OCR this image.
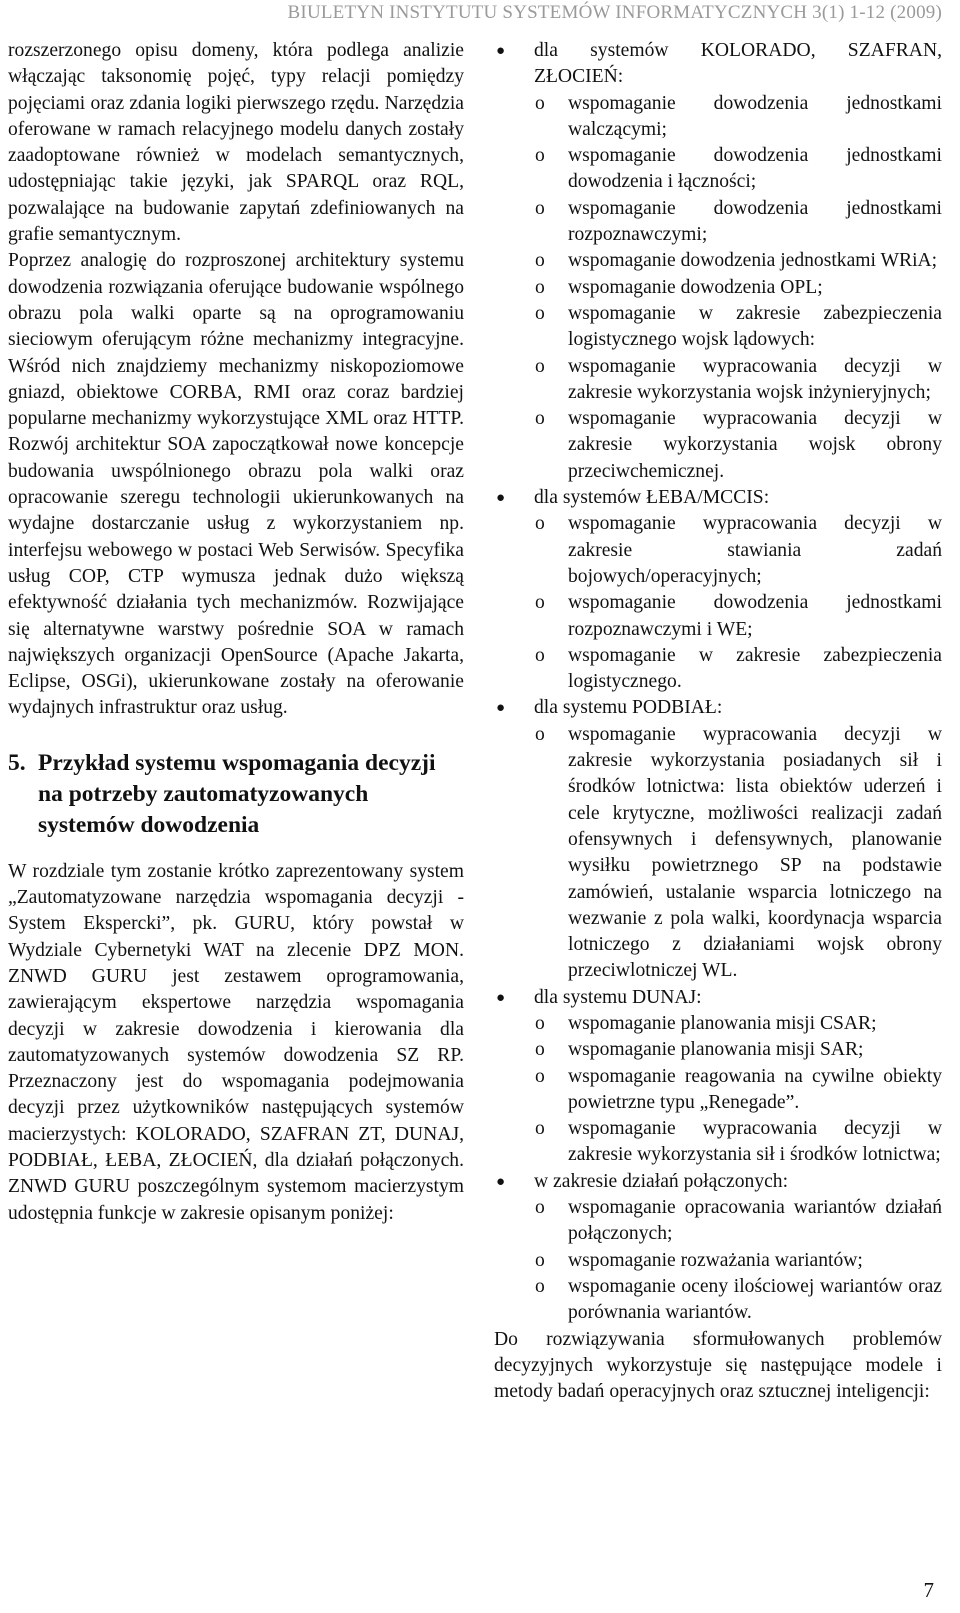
BIULETYN INSTYTUTU SYSTEMÓW INFORMATYCZNYCH 3(1) 1-12 (2009)

rozszerzonego opisu domeny, która podlega analizie włączając taksonomię pojęć, typy relacji pomiędzy pojęciami oraz zdania logiki pierwszego rzędu. Narzędzia oferowane w ramach relacyjnego modelu danych zostały zaadoptowane również w modelach semantycznych, udostępniając takie języki, jak SPARQL oraz RQL, pozwalające na budowanie zapytań zdefiniowanych na grafie semantycznym.

Poprzez analogię do rozproszonej architektury systemu dowodzenia rozwiązania oferujące budowanie wspólnego obrazu pola walki oparte są na oprogramowaniu sieciowym oferującym różne mechanizmy integracyjne. Wśród nich znajdziemy mechanizmy niskopoziomowe gniazd, obiektowe CORBA, RMI oraz coraz bardziej popularne mechanizmy wykorzystujące XML oraz HTTP. Rozwój architektur SOA zapoczątkował nowe koncepcje budowania uwspólnionego obrazu pola walki oraz opracowanie szeregu technologii ukierunkowanych na wydajne dostarczanie usług z wykorzystaniem np. interfejsu webowego w postaci Web Serwisów. Specyfika usług COP, CTP wymusza jednak dużo większą efektywność działania tych mechanizmów. Rozwijające się alternatywne warstwy pośrednie SOA w ramach największych organizacji OpenSource (Apache Jakarta, Eclipse, OSGi), ukierunkowane zostały na oferowanie wydajnych infrastruktur oraz usług.

5. Przykład systemu wspomagania decyzji na potrzeby zautomatyzowanych systemów dowodzenia

W rozdziale tym zostanie krótko zaprezentowany system „Zautomatyzowane narzędzia wspomagania decyzji - System Ekspercki”, pk. GURU, który powstał w Wydziale Cybernetyki WAT na zlecenie DPZ MON. ZNWD GURU jest zestawem oprogramowania, zawierającym ekspertowe narzędzia wspomagania decyzji w zakresie dowodzenia i kierowania dla zautomatyzowanych systemów dowodzenia SZ RP. Przeznaczony jest do wspomagania podejmowania decyzji przez użytkowników następujących systemów macierzystych: KOLORADO, SZAFRAN ZT, DUNAJ, PODBIAŁ, ŁEBA, ZŁOCIEŃ, dla działań połączonych. ZNWD GURU poszczególnym systemom macierzystym udostępnia funkcje w zakresie opisanym poniżej:

● dla systemów KOLORADO, SZAFRAN, ZŁOCIEŃ:
o wspomaganie dowodzenia jednostkami walczącymi;
o wspomaganie dowodzenia jednostkami dowodzenia i łączności;
o wspomaganie dowodzenia jednostkami rozpoznawczymi;
o wspomaganie dowodzenia jednostkami WRiA;
o wspomaganie dowodzenia OPL;
o wspomaganie w zakresie zabezpieczenia logistycznego wojsk lądowych:
o wspomaganie wypracowania decyzji w zakresie wykorzystania wojsk inżynieryjnych;
o wspomaganie wypracowania decyzji w zakresie wykorzystania wojsk obrony przeciwchemicznej.
● dla systemów ŁEBA/MCCIS:
o wspomaganie wypracowania decyzji w zakresie stawiania zadań bojowych/operacyjnych;
o wspomaganie dowodzenia jednostkami rozpoznawczymi i WE;
o wspomaganie w zakresie zabezpieczenia logistycznego.
● dla systemu PODBIAŁ:
o wspomaganie wypracowania decyzji w zakresie wykorzystania posiadanych sił i środków lotnictwa: lista obiektów uderzeń i cele krytyczne, możliwości realizacji zadań ofensywnych i defensywnych, planowanie wysiłku powietrznego SP na podstawie zamówień, ustalanie wsparcia lotniczego na wezwanie z pola walki, koordynacja wsparcia lotniczego z działaniami wojsk obrony przeciwlotniczej WL.
● dla systemu DUNAJ:
o wspomaganie planowania misji CSAR;
o wspomaganie planowania misji SAR;
o wspomaganie reagowania na cywilne obiekty powietrzne typu „Renegade”.
o wspomaganie wypracowania decyzji w zakresie wykorzystania sił i środków lotnictwa;
● w zakresie działań połączonych:
o wspomaganie opracowania wariantów działań połączonych;
o wspomaganie rozważania wariantów;
o wspomaganie oceny ilościowej wariantów oraz porównania wariantów.

Do rozwiązywania sformułowanych problemów decyzyjnych wykorzystuje się następujące modele i metody badań operacyjnych oraz sztucznej inteligencji:

7
